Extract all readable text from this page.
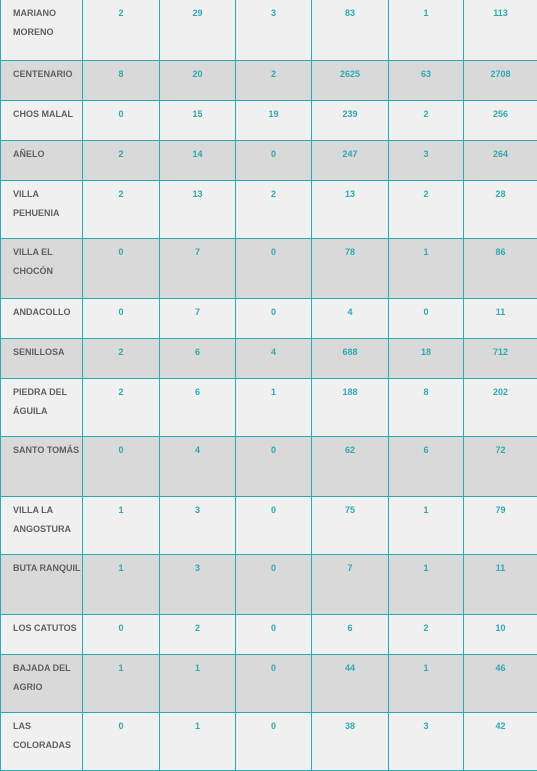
MARIANO MORENO	2	29	3	83	1	113
CENTENARIO	8	20	2	2625	63	2708
CHOS MALAL	0	15	19	239	2	256
AÑELO	2	14	0	247	3	264
VILLA PEHUENIA	2	13	2	13	2	28
VILLA EL CHOCÓN	0	7	0	78	1	86
ANDACOLLO	0	7	0	4	0	11
SENILLOSA	2	6	4	688	18	712
PIEDRA DEL ÁGUILA	2	6	1	188	8	202
SANTO TOMÁS	0	4	0	62	6	72
VILLA LA ANGOSTURA	1	3	0	75	1	79
BUTA RANQUIL	1	3	0	7	1	11
LOS CATUTOS	0	2	0	6	2	10
BAJADA DEL AGRIO	1	1	0	44	1	46
LAS COLORADAS	0	1	0	38	3	42
